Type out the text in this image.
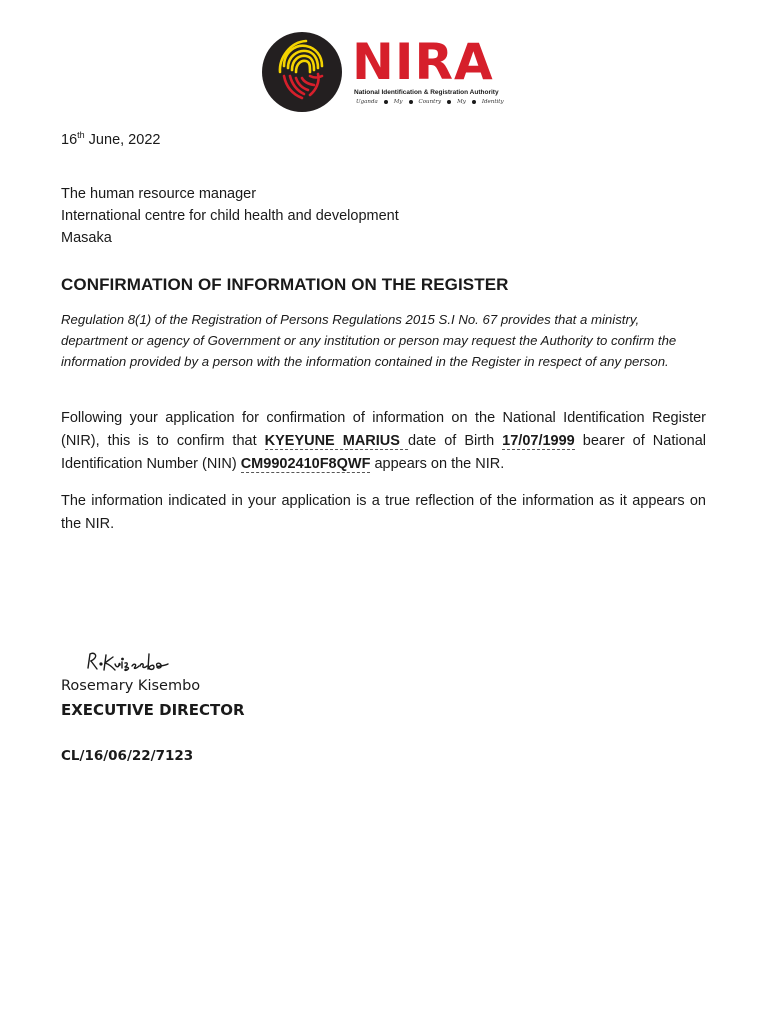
NIRA
National Identification & Registration Authority
Uganda	My	Country	My	Identity
16th June, 2022
The human resource manager
International centre for child health and development
Masaka
CONFIRMATION OF INFORMATION ON THE REGISTER
Regulation 8(1) of the Registration of Persons Regulations 2015 S.I No. 67 provides that a ministry, department or agency of Government or any institution or person may request the Authority to confirm the information provided by a person with the information contained in the Register in respect of any person.
Following your application for confirmation of information on the National Identification Register (NIR), this is to confirm that KYEYUNE MARIUS date of Birth 17/07/1999 bearer of National Identification Number (NIN) CM9902410F8QWF appears on the NIR.
The information indicated in your application is a true reflection of the information as it appears on the NIR.
Rosemary Kisembo
EXECUTIVE DIRECTOR
CL/16/06/22/7123
